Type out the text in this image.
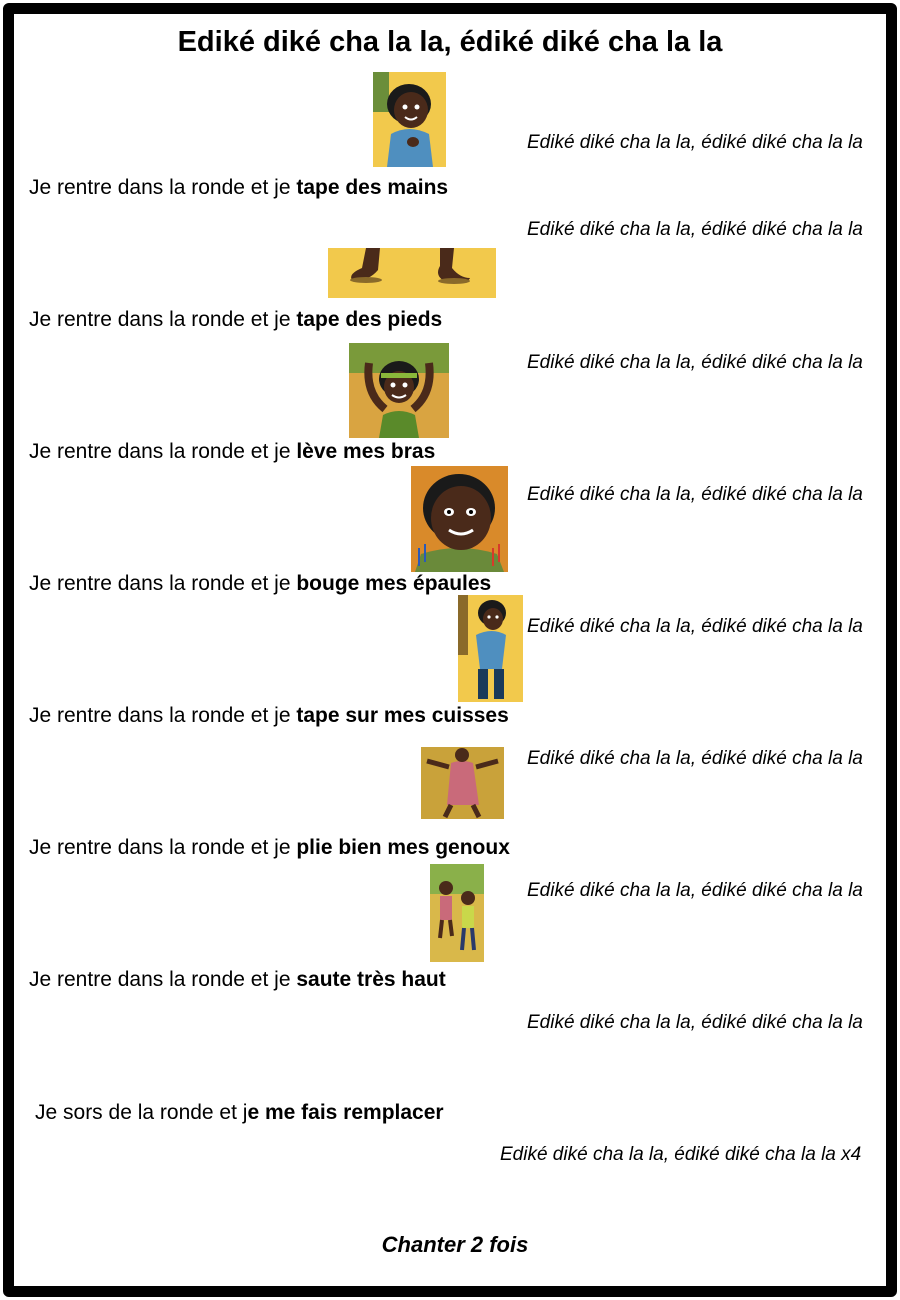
Ediké diké cha la la, édiké diké cha la la
Ediké diké cha la la, édiké diké cha la la
Je rentre dans la ronde et je tape des mains
Ediké diké cha la la, édiké diké cha la la
Je rentre dans la ronde et je tape des pieds
Ediké diké cha la la, édiké diké cha la la
Je rentre dans la ronde et je lève mes bras
Ediké diké cha la la, édiké diké cha la la
Je rentre dans la ronde et je bouge mes épaules
Ediké diké cha la la, édiké diké cha la la
Je rentre dans la ronde et je tape sur mes cuisses
Ediké diké cha la la, édiké diké cha la la
Je rentre dans la ronde et je plie bien mes genoux
Ediké diké cha la la, édiké diké cha la la
Je rentre dans la ronde et je saute très haut
Ediké diké cha la la, édiké diké cha la la
Je sors de la ronde et je me fais remplacer
Ediké diké cha la la, édiké diké cha la la x4
Chanter 2 fois
